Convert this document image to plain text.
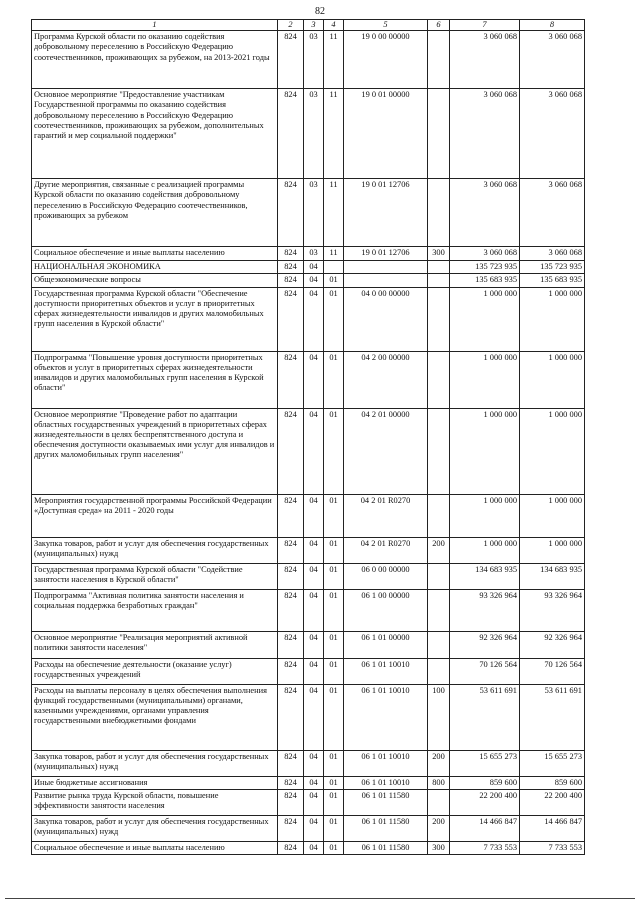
82
1	2	3	4	5	6	7	8
Программа Курской области по оказанию содействия добровольному переселению в Российскую Федерацию соотечественников, проживающих за рубежом, на 2013-2021 годы	824	03	11	19 0 00 00000		3 060 068	3 060 068
Основное мероприятие "Предоставление участникам Государственной программы по оказанию содействия добровольному переселению в Российскую Федерацию соотечественников, проживающих за рубежом, дополнительных гарантий и мер социальной поддержки"	824	03	11	19 0 01 00000		3 060 068	3 060 068
Другие мероприятия, связанные с реализацией программы Курской области по оказанию содействия добровольному переселению в Российскую Федерацию соотечественников, проживающих за рубежом	824	03	11	19 0 01 12706		3 060 068	3 060 068
Социальное обеспечение и иные выплаты населению	824	03	11	19 0 01 12706	300	3 060 068	3 060 068
НАЦИОНАЛЬНАЯ ЭКОНОМИКА	824	04				135 723 935	135 723 935
Общеэкономические вопросы	824	04	01			135 683 935	135 683 935
Государственная программа Курской области "Обеспечение доступности приоритетных объектов и услуг в приоритетных сферах жизнедеятельности инвалидов и других маломобильных групп населения в Курской области"	824	04	01	04 0 00 00000		1 000 000	1 000 000
Подпрограмма "Повышение уровня доступности приоритетных объектов и услуг в приоритетных сферах жизнедеятельности инвалидов и других маломобильных групп населения в Курской области"	824	04	01	04 2 00 00000		1 000 000	1 000 000
Основное мероприятие "Проведение работ по адаптации областных государственных учреждений в приоритетных сферах жизнедеятельности в целях беспрепятственного доступа и обеспечения доступности оказываемых ими услуг для инвалидов и других маломобильных групп населения"	824	04	01	04 2 01 00000		1 000 000	1 000 000
Мероприятия государственной программы Российской Федерации «Доступная среда» на 2011 - 2020 годы	824	04	01	04 2 01 R0270		1 000 000	1 000 000
Закупка товаров, работ и услуг для обеспечения государственных (муниципальных) нужд	824	04	01	04 2 01 R0270	200	1 000 000	1 000 000
Государственная программа Курской области "Содействие занятости населения в Курской области"	824	04	01	06 0 00 00000		134 683 935	134 683 935
Подпрограмма "Активная политика занятости населения и социальная поддержка безработных граждан"	824	04	01	06 1 00 00000		93 326 964	93 326 964
Основное мероприятие "Реализация мероприятий активной политики занятости населения"	824	04	01	06 1 01 00000		92 326 964	92 326 964
Расходы на обеспечение деятельности (оказание услуг) государственных учреждений	824	04	01	06 1 01 10010		70 126 564	70 126 564
Расходы на выплаты персоналу в целях обеспечения выполнения функций государственными (муниципальными) органами, казенными учреждениями, органами управления государственными внебюджетными фондами	824	04	01	06 1 01 10010	100	53 611 691	53 611 691
Закупка товаров, работ и услуг для обеспечения государственных (муниципальных) нужд	824	04	01	06 1 01 10010	200	15 655 273	15 655 273
Иные бюджетные ассигнования	824	04	01	06 1 01 10010	800	859 600	859 600
Развитие рынка труда Курской области, повышение эффективности занятости населения	824	04	01	06 1 01 11580		22 200 400	22 200 400
Закупка товаров, работ и услуг для обеспечения государственных (муниципальных) нужд	824	04	01	06 1 01 11580	200	14 466 847	14 466 847
Социальное обеспечение и иные выплаты населению	824	04	01	06 1 01 11580	300	7 733 553	7 733 553
